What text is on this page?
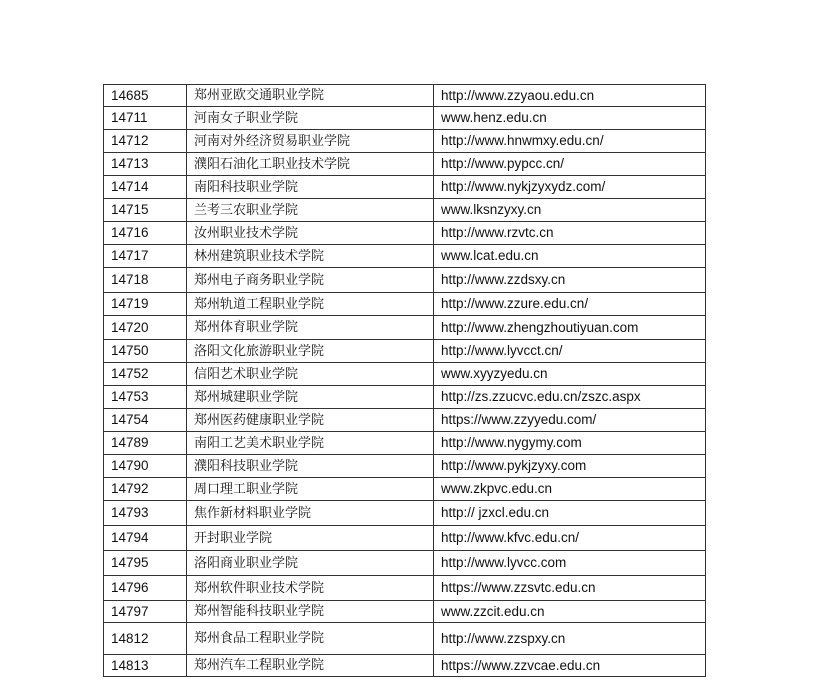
14685	郑州亚欧交通职业学院	http://www.zzyaou.edu.cn
14711	河南女子职业学院	www.henz.edu.cn
14712	河南对外经济贸易职业学院	http://www.hnwmxy.edu.cn/
14713	濮阳石油化工职业技术学院	http://www.pypcc.cn/
14714	南阳科技职业学院	http://www.nykjzyxydz.com/
14715	兰考三农职业学院	www.lksnzyxy.cn
14716	汝州职业技术学院	http://www.rzvtc.cn
14717	林州建筑职业技术学院	www.lcat.edu.cn
14718	郑州电子商务职业学院	http://www.zzdsxy.cn
14719	郑州轨道工程职业学院	http://www.zzure.edu.cn/
14720	郑州体育职业学院	http://www.zhengzhoutiyuan.com
14750	洛阳文化旅游职业学院	http://www.lyvcct.cn/
14752	信阳艺术职业学院	www.xyyzyedu.cn
14753	郑州城建职业学院	http://zs.zzucvc.edu.cn/zszc.aspx
14754	郑州医药健康职业学院	https://www.zzyyedu.com/
14789	南阳工艺美术职业学院	http://www.nygymy.com
14790	濮阳科技职业学院	http://www.pykjzyxy.com
14792	周口理工职业学院	www.zkpvc.edu.cn
14793	焦作新材料职业学院	http:// jzxcl.edu.cn
14794	开封职业学院	http://www.kfvc.edu.cn/
14795	洛阳商业职业学院	http://www.lyvcc.com
14796	郑州软件职业技术学院	https://www.zzsvtc.edu.cn
14797	郑州智能科技职业学院	www.zzcit.edu.cn
14812	郑州食品工程职业学院	http://www.zzspxy.cn
14813	郑州汽车工程职业学院	https://www.zzvcae.edu.cn
